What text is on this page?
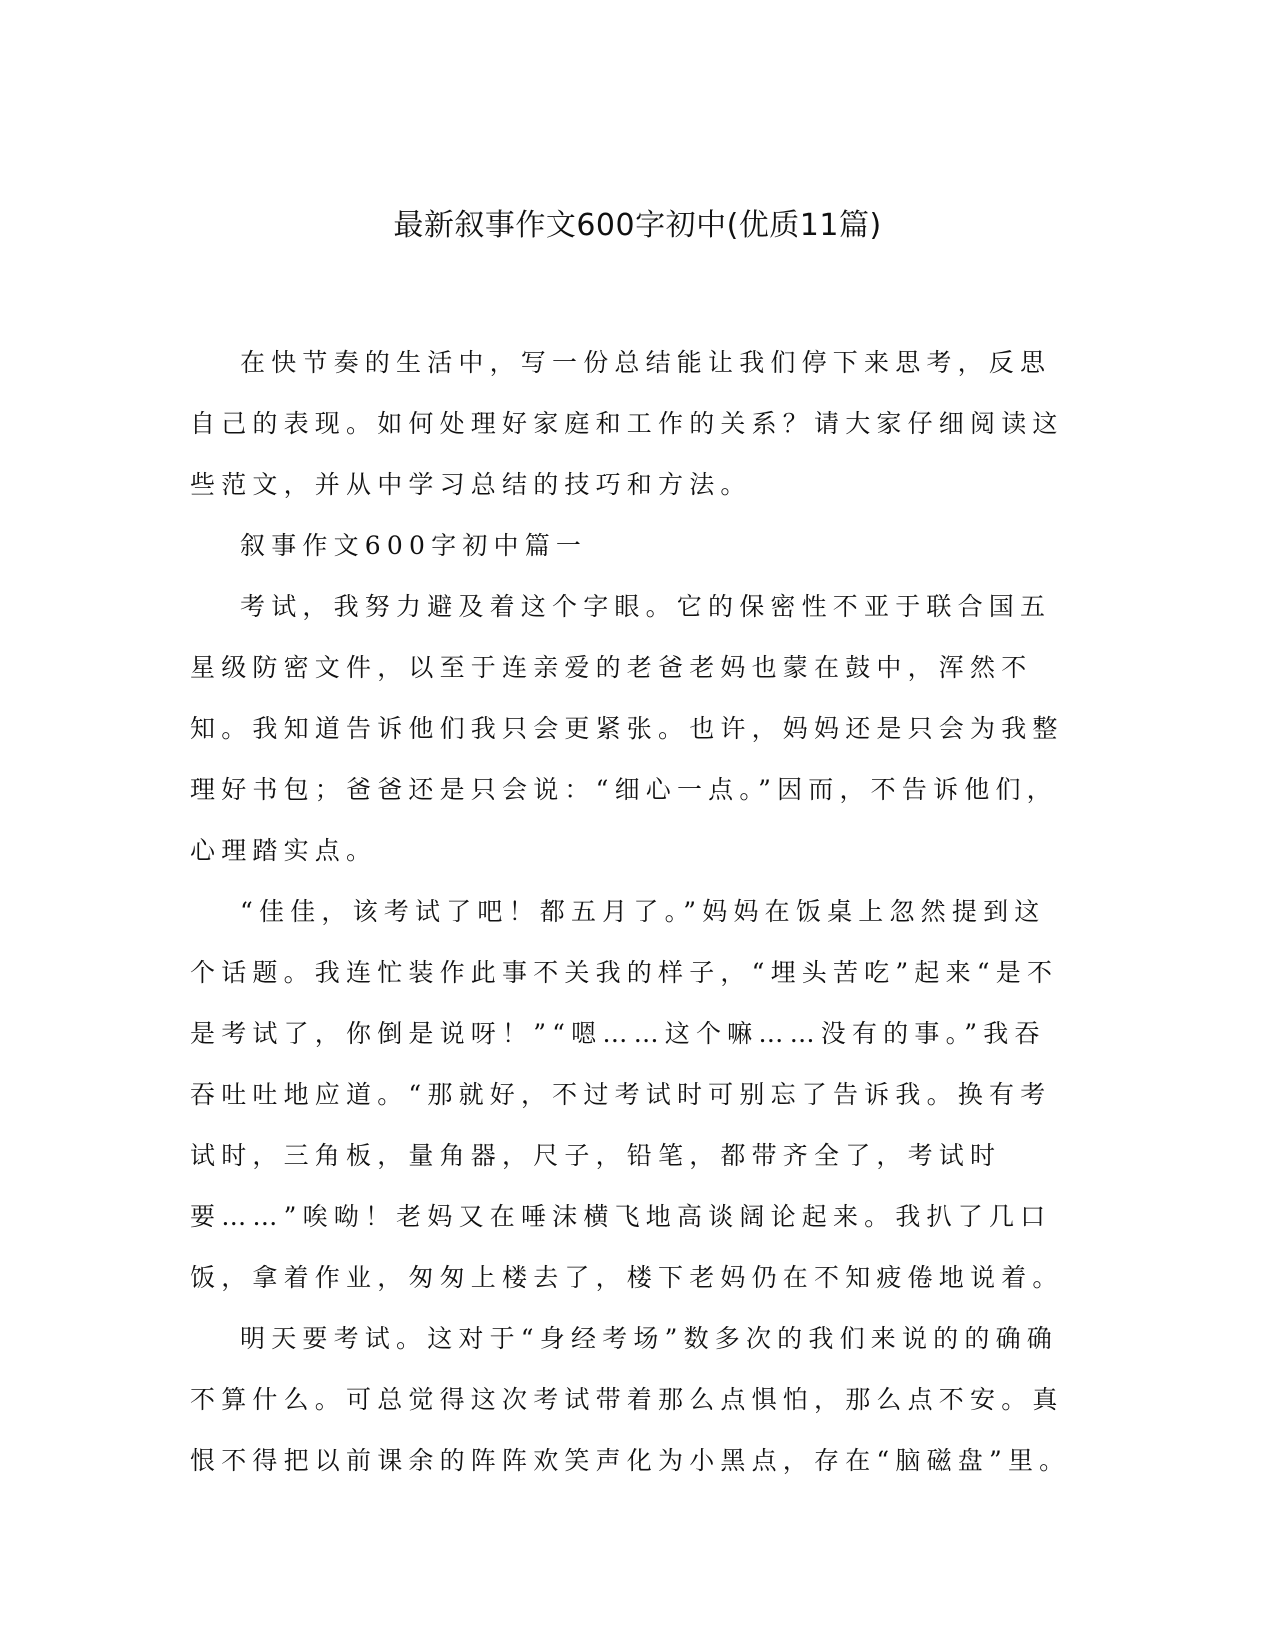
最新叙事作文600字初中(优质11篇)

在快节奏的生活中，写一份总结能让我们停下来思考，反思自己的表现。如何处理好家庭和工作的关系？请大家仔细阅读这些范文，并从中学习总结的技巧和方法。

叙事作文600字初中篇一

考试，我努力避及着这个字眼。它的保密性不亚于联合国五星级防密文件，以至于连亲爱的老爸老妈也蒙在鼓中，浑然不知。我知道告诉他们我只会更紧张。也许，妈妈还是只会为我整理好书包；爸爸还是只会说：“细心一点。”因而，不告诉他们，心理踏实点。

“佳佳，该考试了吧！都五月了。”妈妈在饭桌上忽然提到这个话题。我连忙装作此事不关我的样子，“埋头苦吃”起来“是不是考试了，你倒是说呀！”“嗯……这个嘛……没有的事。”我吞吞吐吐地应道。“那就好，不过考试时可别忘了告诉我。换有考试时，三角板，量角器，尺子，铅笔，都带齐全了，考试时要……”唉呦！老妈又在唾沫横飞地高谈阔论起来。我扒了几口饭，拿着作业，匆匆上楼去了，楼下老妈仍在不知疲倦地说着。

明天要考试。这对于“身经考场”数多次的我们来说的的确确不算什么。可总觉得这次考试带着那么点惧怕，那么点不安。真恨不得把以前课余的阵阵欢笑声化为小黑点，存在“脑磁盘”里。
